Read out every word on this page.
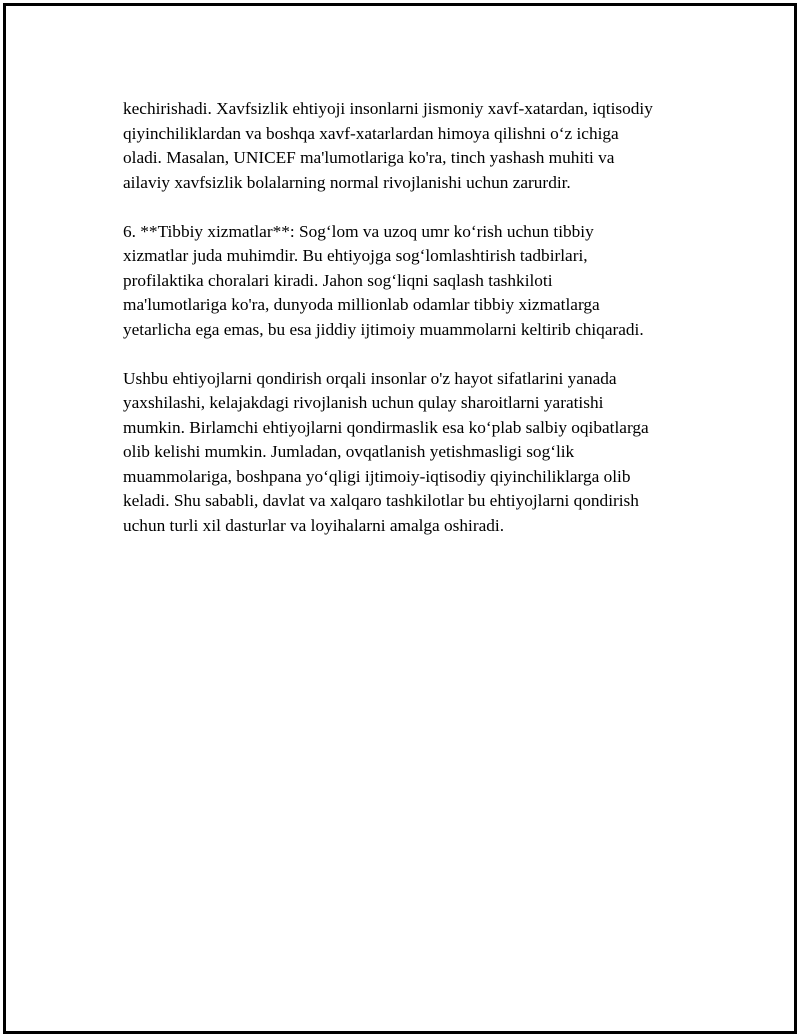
kechirishadi. Xavfsizlik ehtiyoji insonlarni jismoniy xavf-xatardan, iqtisodiy
qiyinchiliklardan va boshqa xavf-xatarlardan himoya qilishni o‘z ichiga
oladi. Masalan, UNICEF ma'lumotlariga ko'ra, tinch yashash muhiti va
ailaviy xavfsizlik bolalarning normal rivojlanishi uchun zarurdir.

6. **Tibbiy xizmatlar**: Sog‘lom va uzoq umr ko‘rish uchun tibbiy
xizmatlar juda muhimdir. Bu ehtiyojga sog‘lomlashtirish tadbirlari,
profilaktika choralari kiradi. Jahon sog‘liqni saqlash tashkiloti
ma'lumotlariga ko'ra, dunyoda millionlab odamlar tibbiy xizmatlarga
yetarlicha ega emas, bu esa jiddiy ijtimoiy muammolarni keltirib chiqaradi.

Ushbu ehtiyojlarni qondirish orqali insonlar o'z hayot sifatlarini yanada
yaxshilashi, kelajakdagi rivojlanish uchun qulay sharoitlarni yaratishi
mumkin. Birlamchi ehtiyojlarni qondirmaslik esa ko‘plab salbiy oqibatlarga
olib kelishi mumkin. Jumladan, ovqatlanish yetishmasligi sog‘lik
muammolariga, boshpana yo‘qligi ijtimoiy-iqtisodiy qiyinchiliklarga olib
keladi. Shu sababli, davlat va xalqaro tashkilotlar bu ehtiyojlarni qondirish
uchun turli xil dasturlar va loyihalarni amalga oshiradi.
